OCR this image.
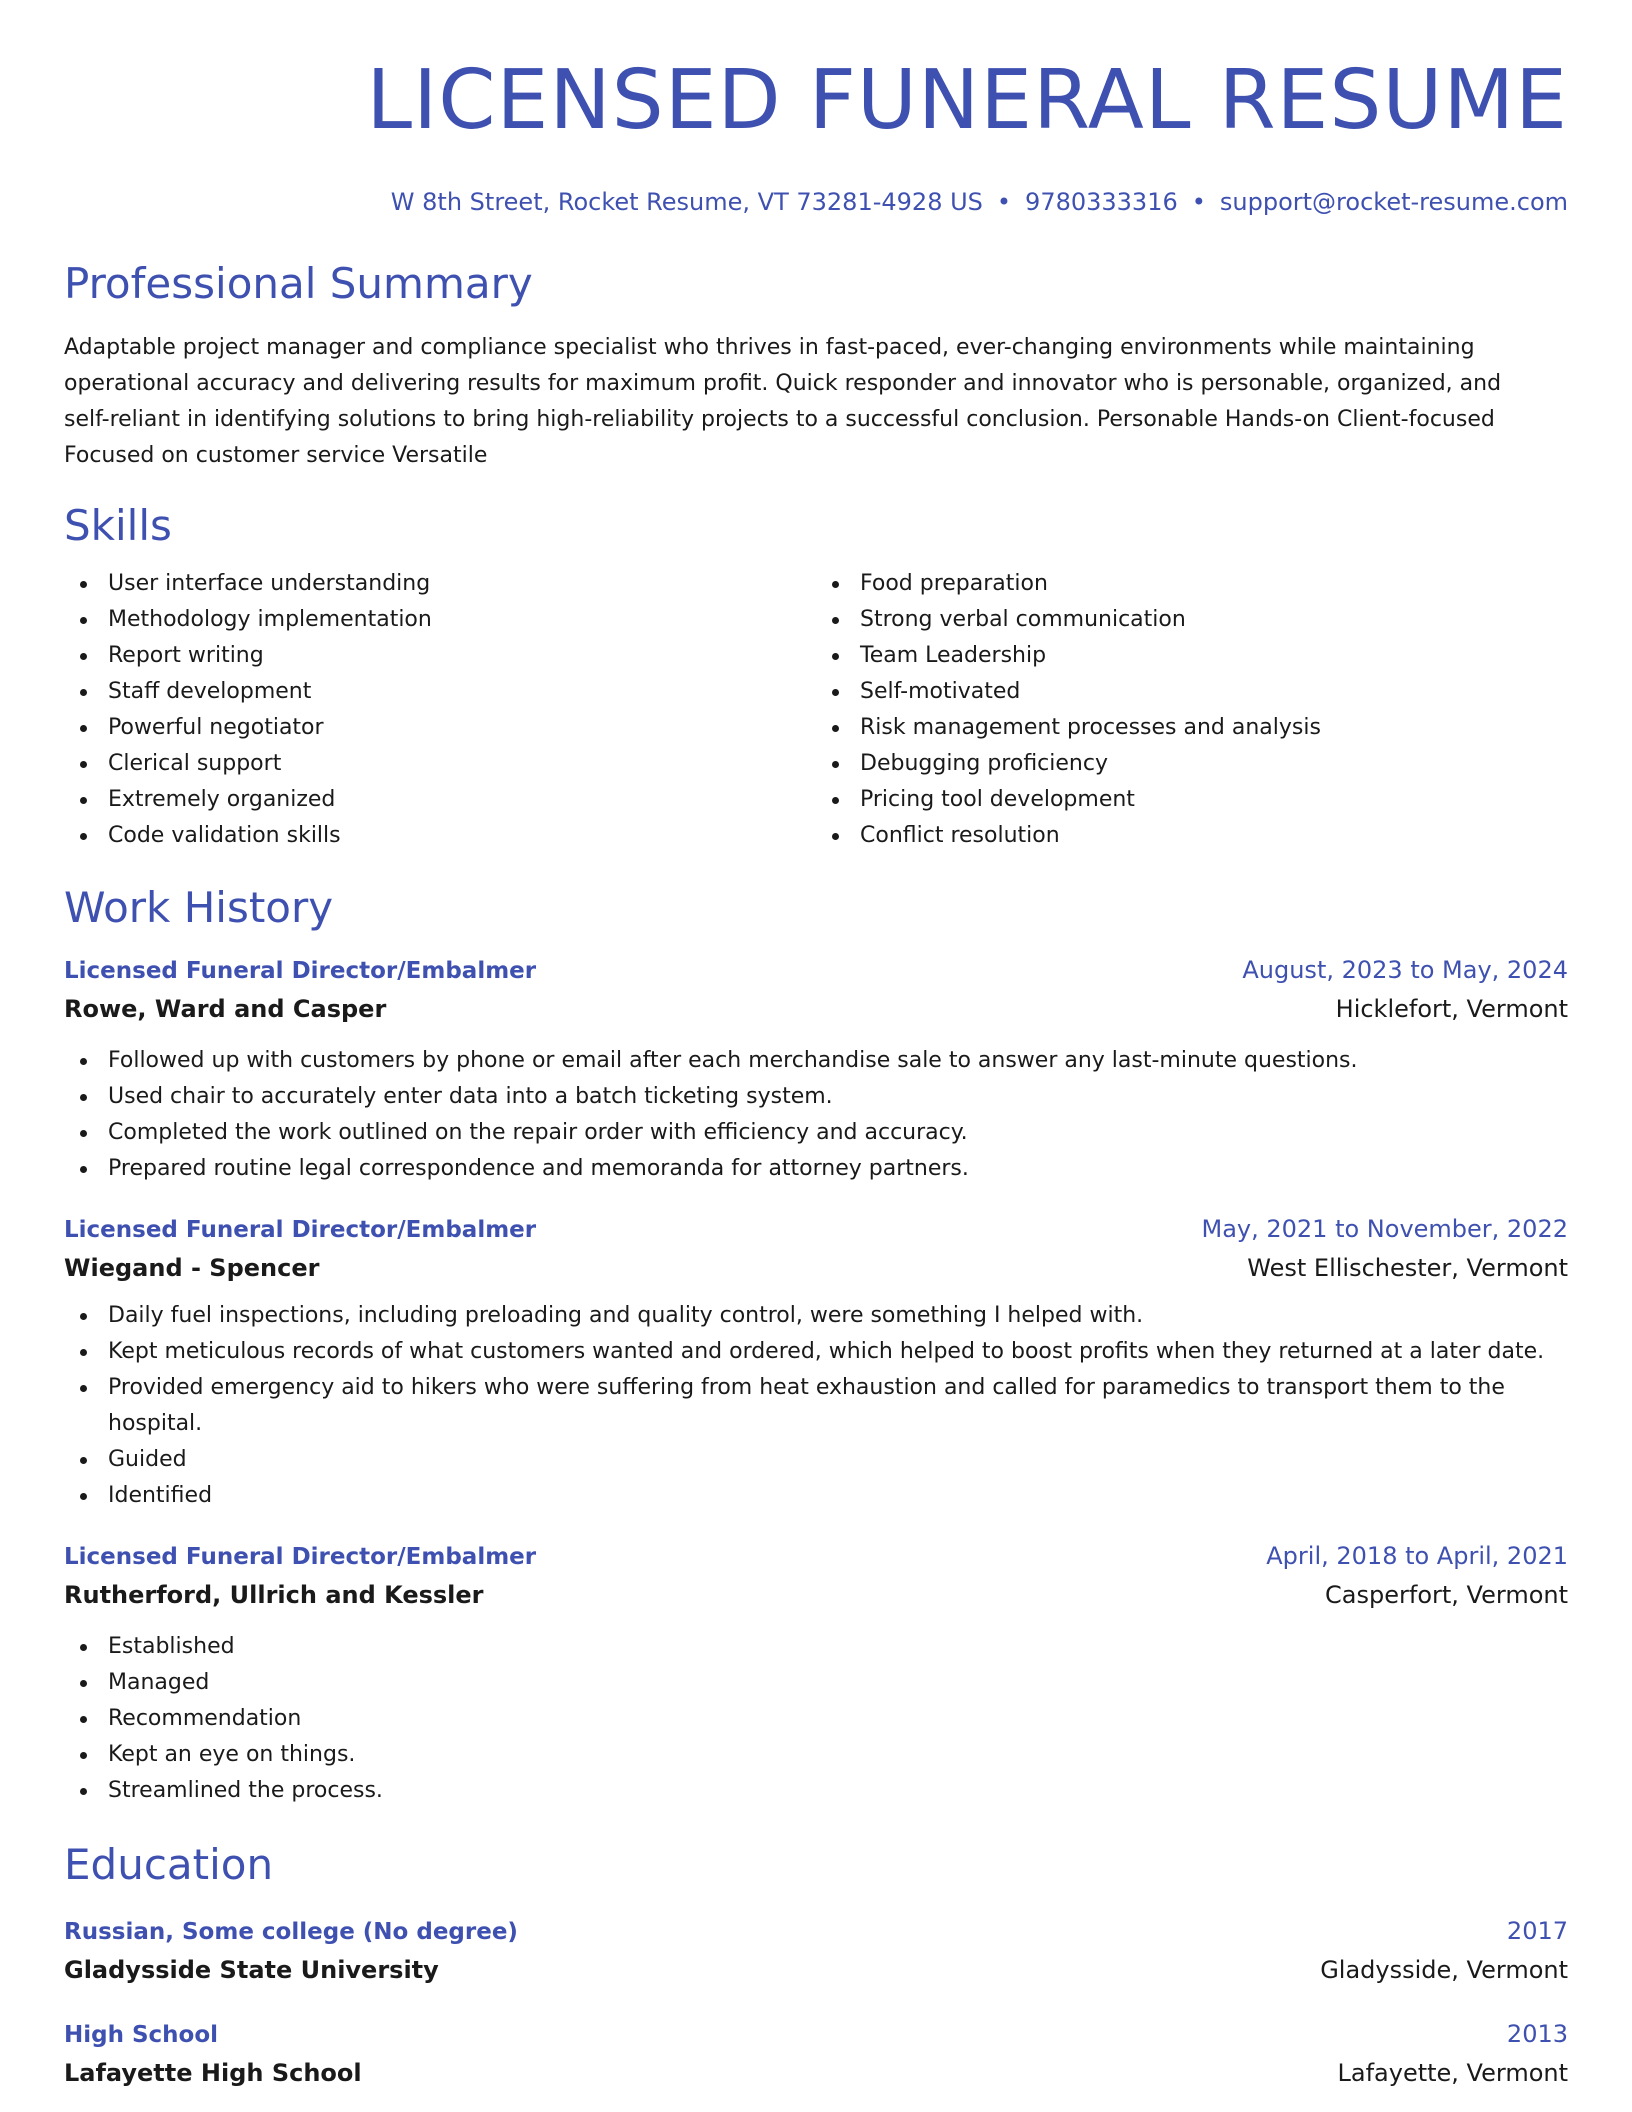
LICENSED FUNERAL RESUME
W 8th Street, Rocket Resume, VT 73281-4928 US • 9780333316 • support@rocket-resume.com
Professional Summary

Adaptable project manager and compliance specialist who thrives in fast-paced, ever-changing environments while maintaining operational accuracy and delivering results for maximum profit. Quick responder and innovator who is personable, organized, and self-reliant in identifying solutions to bring high-reliability projects to a successful conclusion. Personable Hands-on Client-focused Focused on customer service Versatile

Skills
User interface understanding
Methodology implementation
Report writing
Staff development
Powerful negotiator
Clerical support
Extremely organized
Code validation skills
Food preparation
Strong verbal communication
Team Leadership
Self-motivated
Risk management processes and analysis
Debugging proficiency
Pricing tool development
Conflict resolution
Work History
Licensed Funeral Director/Embalmer	August, 2023 to May, 2024
Rowe, Ward and Casper	Hicklefort, Vermont
Followed up with customers by phone or email after each merchandise sale to answer any last-minute questions.
Used chair to accurately enter data into a batch ticketing system.
Completed the work outlined on the repair order with efficiency and accuracy.
Prepared routine legal correspondence and memoranda for attorney partners.
Licensed Funeral Director/Embalmer	May, 2021 to November, 2022
Wiegand - Spencer	West Ellischester, Vermont
Daily fuel inspections, including preloading and quality control, were something I helped with.
Kept meticulous records of what customers wanted and ordered, which helped to boost profits when they returned at a later date.
Provided emergency aid to hikers who were suffering from heat exhaustion and called for paramedics to transport them to the hospital.
Guided
Identified
Licensed Funeral Director/Embalmer	April, 2018 to April, 2021
Rutherford, Ullrich and Kessler	Casperfort, Vermont
Established
Managed
Recommendation
Kept an eye on things.
Streamlined the process.
Education
Russian, Some college (No degree)	2017
Gladysside State University	Gladysside, Vermont
High School	2013
Lafayette High School	Lafayette, Vermont
